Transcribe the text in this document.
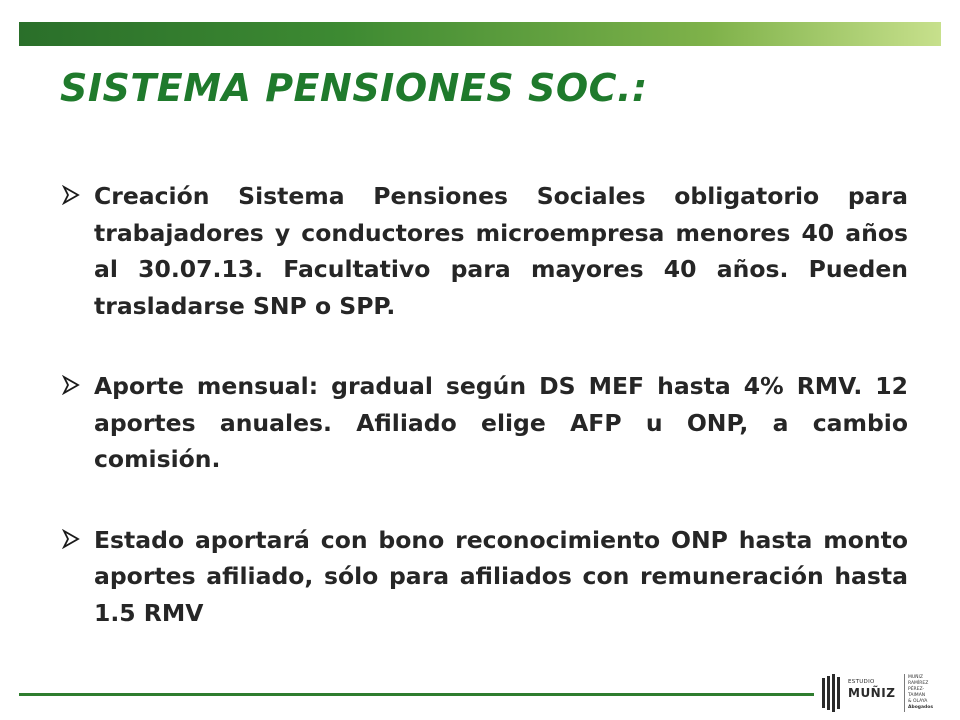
SISTEMA PENSIONES SOC.:

Creación Sistema Pensiones Sociales obligatorio para trabajadores y conductores microempresa menores 40 años al 30.07.13. Facultativo para mayores 40 años. Pueden trasladarse SNP o SPP.

Aporte mensual: gradual según DS MEF hasta 4% RMV. 12 aportes anuales. Afiliado elige AFP u ONP, a cambio comisión.

Estado aportará con bono reconocimiento ONP hasta monto aportes afiliado, sólo para afiliados con remuneración hasta 1.5 RMV

ESTUDIO
MUÑIZ
MUÑIZ
RAMÍREZ
PÉREZ-TAIMAN
& OLAYA
Abogados
